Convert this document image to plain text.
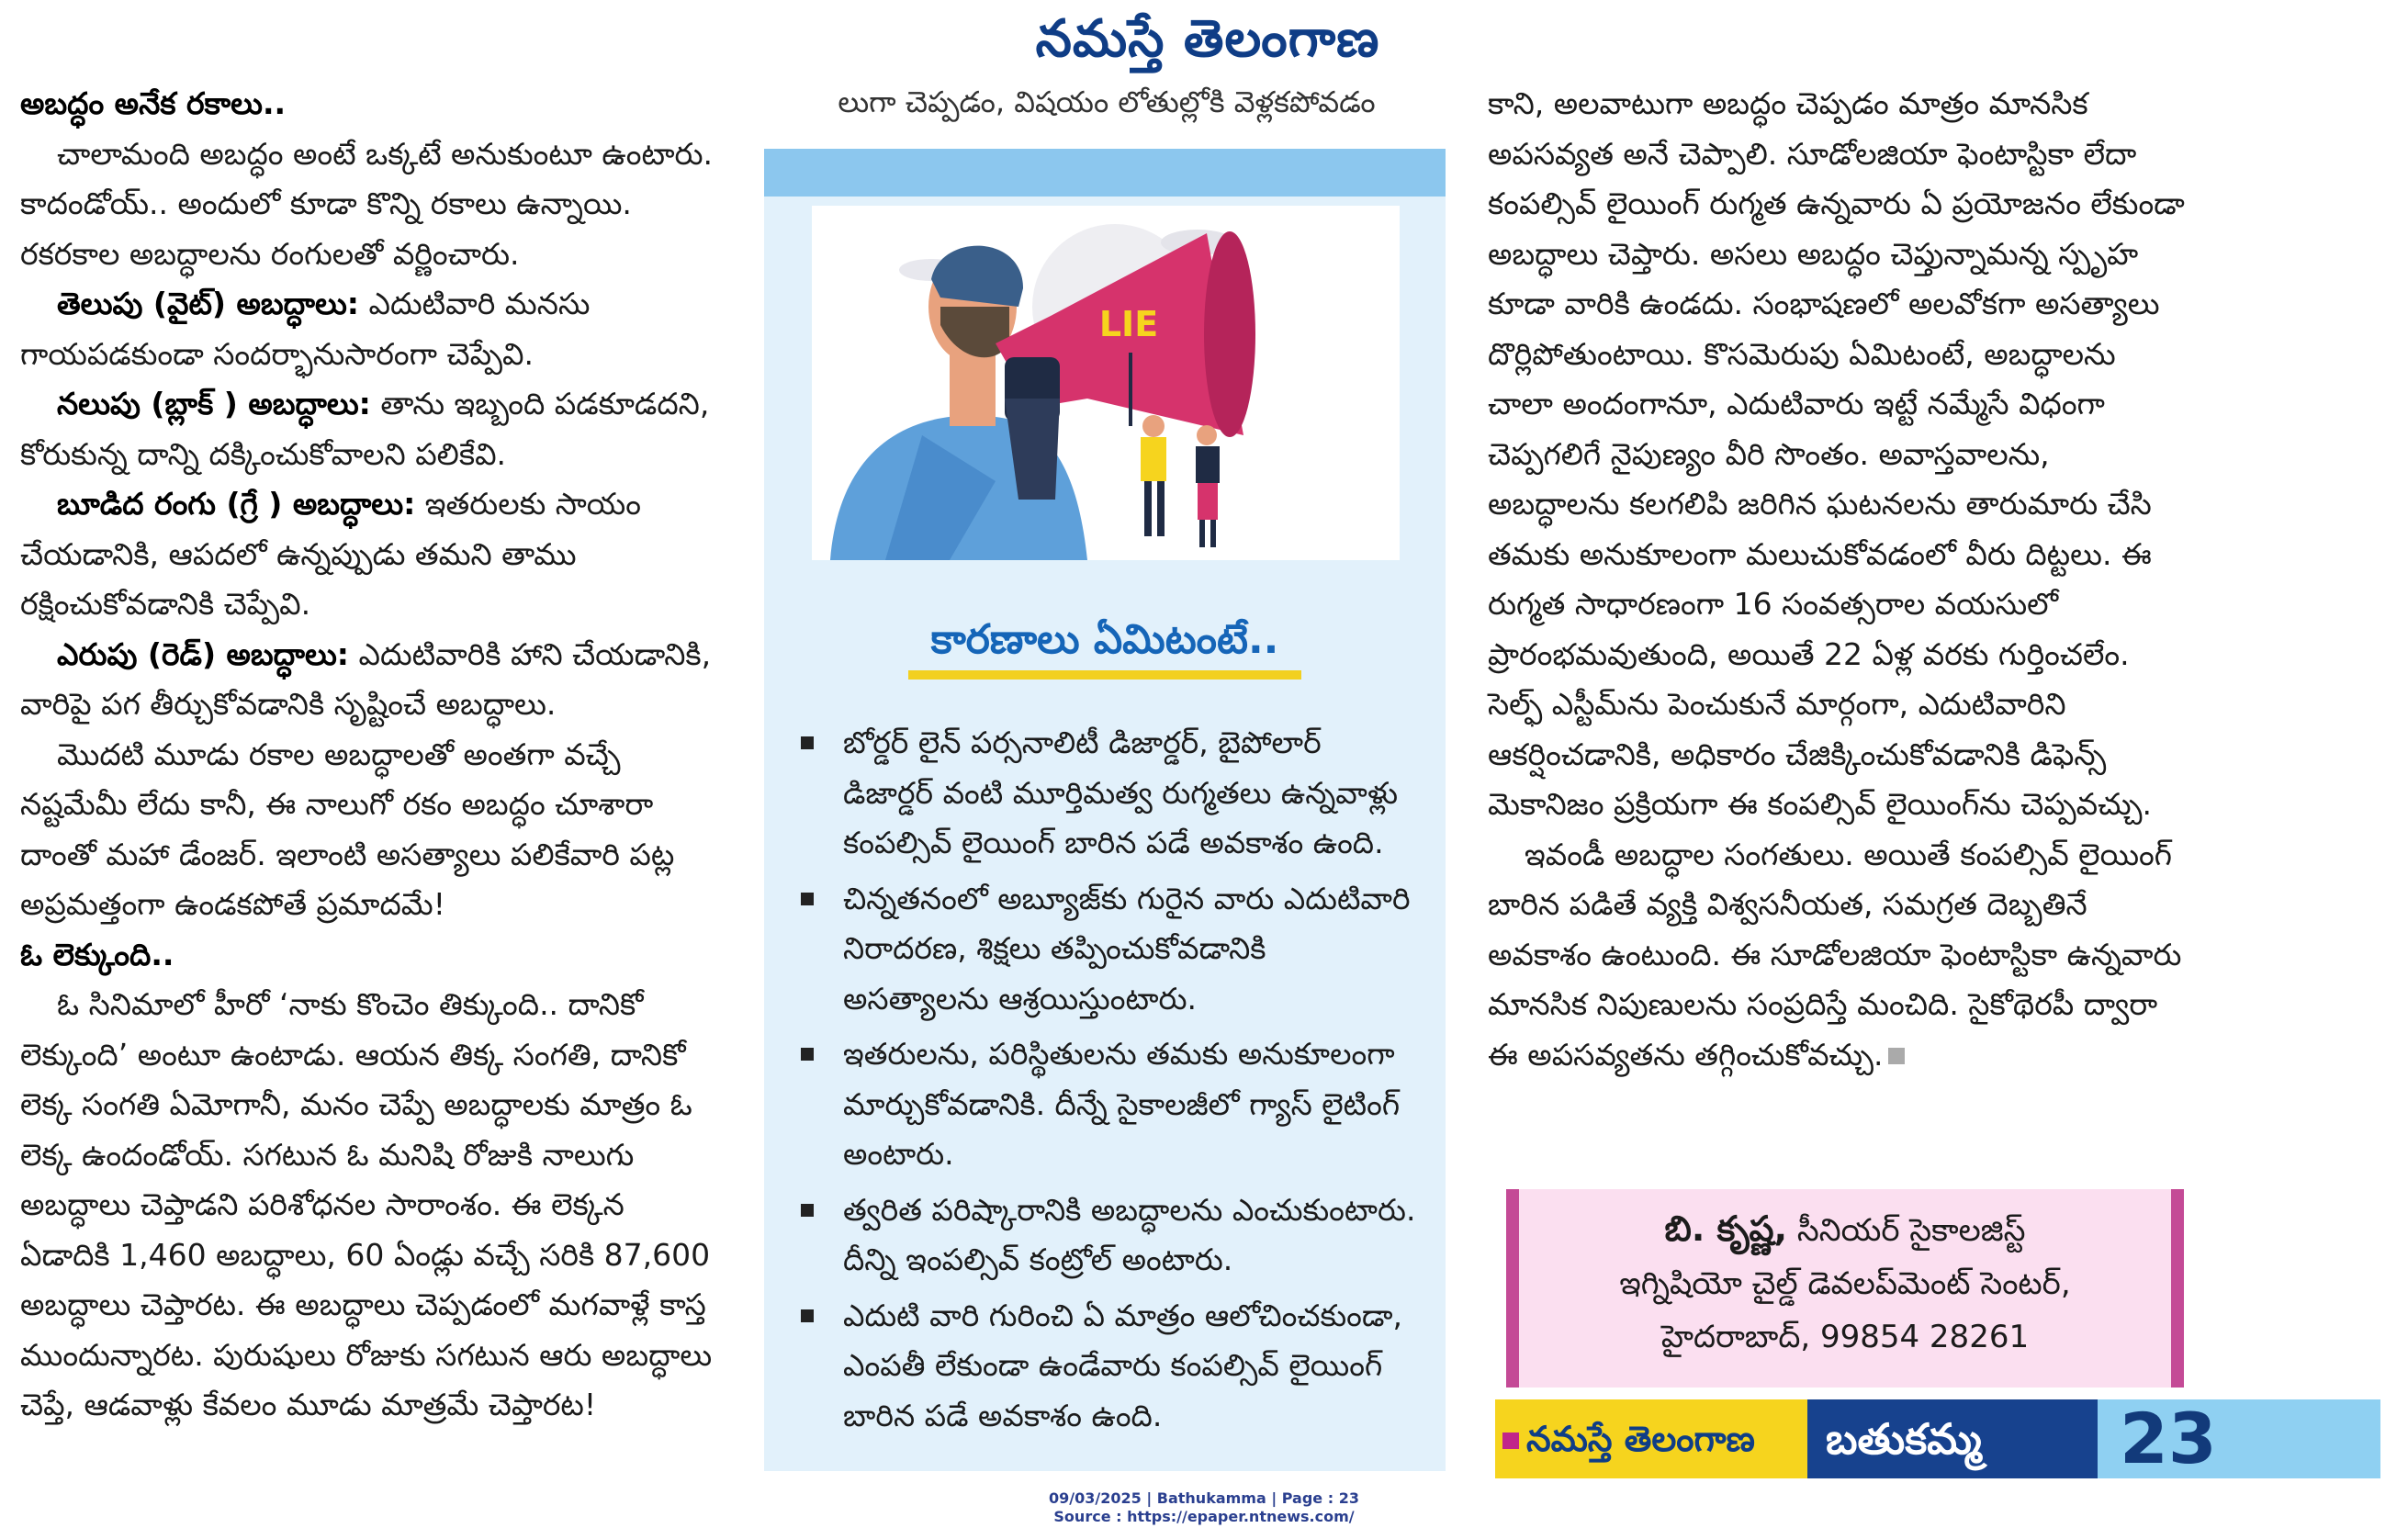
నమస్తే తెలంగాణ

అబద్ధం అనేక రకాలు..

చాలామంది అబద్ధం అంటే ఒక్కటే అనుకుంటూ ఉంటారు. కాదండోయ్.. అందులో కూడా కొన్ని రకాలు ఉన్నాయి. రకరకాల అబద్ధాలను రంగులతో వర్ణించారు.

తెలుపు (వైట్) అబద్ధాలు: ఎదుటివారి మనసు గాయపడకుండా సందర్భానుసారంగా చెప్పేవి.

నలుపు (బ్లాక్ ) అబద్ధాలు: తాను ఇబ్బంది పడకూడదని, కోరుకున్న దాన్ని దక్కించుకోవాలని పలికేవి.

బూడిద రంగు (గ్రే ) అబద్ధాలు: ఇతరులకు సాయం చేయడానికి, ఆపదలో ఉన్నప్పుడు తమని తాము రక్షించుకోవడానికి చెప్పేవి.

ఎరుపు (రెడ్) అబద్ధాలు: ఎదుటివారికి హాని చేయడానికి, వారిపై పగ తీర్చుకోవడానికి సృష్టించే అబద్ధాలు.

మొదటి మూడు రకాల అబద్ధాలతో అంతగా వచ్చే నష్టమేమీ లేదు కానీ, ఈ నాలుగో రకం అబద్ధం చూశారా దాంతో మహా డేంజర్. ఇలాంటి అసత్యాలు పలికేవారి పట్ల అప్రమత్తంగా ఉండకపోతే ప్రమాదమే!

ఓ లెక్కుంది..

ఓ సినిమాలో హీరో ‘నాకు కొంచెం తిక్కుంది.. దానికో లెక్కుంది’ అంటూ ఉంటాడు. ఆయన తిక్క సంగతి, దానికో లెక్క సంగతి ఏమోగానీ, మనం చెప్పే అబద్ధాలకు మాత్రం ఓ లెక్క ఉందండోయ్. సగటున ఓ మనిషి రోజుకి నాలుగు అబద్ధాలు చెప్తాడని పరిశోధనల సారాంశం. ఈ లెక్కన ఏడాదికి 1,460 అబద్ధాలు, 60 ఏండ్లు వచ్చే సరికి 87,600 అబద్ధాలు చెప్తారట. ఈ అబద్ధాలు చెప్పడంలో మగవాళ్లే కాస్త ముందున్నారట. పురుషులు రోజుకు సగటున ఆరు అబద్ధాలు చెప్తే, ఆడవాళ్లు కేవలం మూడు మాత్రమే చెప్తారట!

లుగా చెప్పడం, విషయం లోతుల్లోకి వెళ్లకపోవడం
LIE
కారణాలు ఏమిటంటే..
బోర్డర్ లైన్ పర్సనాలిటీ డిజార్డర్, బైపోలార్ డిజార్డర్ వంటి మూర్తిమత్వ రుగ్మతలు ఉన్నవాళ్లు కంపల్సివ్ లైయింగ్ బారిన పడే అవకాశం ఉంది.
చిన్నతనంలో అబ్యూజ్‌కు గురైన వారు ఎదుటివారి నిరాదరణ, శిక్షలు తప్పించుకోవడానికి అసత్యాలను ఆశ్రయిస్తుంటారు.
ఇతరులను, పరిస్థితులను తమకు అనుకూలంగా మార్చుకోవడానికి. దీన్నే సైకాలజీలో గ్యాస్ లైటింగ్ అంటారు.
త్వరిత పరిష్కారానికి అబద్ధాలను ఎంచుకుంటారు. దీన్ని ఇంపల్సివ్ కంట్రోల్ అంటారు.
ఎదుటి వారి గురించి ఏ మాత్రం ఆలోచించకుండా, ఎంపతీ లేకుండా ఉండేవారు కంపల్సివ్ లైయింగ్ బారిన పడే అవకాశం ఉంది.

కాని, అలవాటుగా అబద్ధం చెప్పడం మాత్రం మానసిక అపసవ్యత అనే చెప్పాలి. సూడోలజియా ఫెంటాస్టికా లేదా కంపల్సివ్ లైయింగ్ రుగ్మత ఉన్నవారు ఏ ప్రయోజనం లేకుండా అబద్ధాలు చెప్తారు. అసలు అబద్ధం చెప్తున్నామన్న స్పృహ కూడా వారికి ఉండదు. సంభాషణలో అలవోకగా అసత్యాలు దొర్లిపోతుంటాయి. కొసమెరుపు ఏమిటంటే, అబద్ధాలను చాలా అందంగానూ, ఎదుటివారు ఇట్టే నమ్మేసే విధంగా చెప్పగలిగే నైపుణ్యం వీరి సొంతం. అవాస్తవాలను, అబద్ధాలను కలగలిపి జరిగిన ఘటనలను తారుమారు చేసి తమకు అనుకూలంగా మలుచుకోవడంలో వీరు దిట్టలు. ఈ రుగ్మత సాధారణంగా 16 సంవత్సరాల వయసులో ప్రారంభమవుతుంది, అయితే 22 ఏళ్ల వరకు గుర్తించలేం. సెల్ఫ్ ఎస్టీమ్‌ను పెంచుకునే మార్గంగా, ఎదుటివారిని ఆకర్షించడానికి, అధికారం చేజిక్కించుకోవడానికి డిఫెన్స్ మెకానిజం ప్రక్రియగా ఈ కంపల్సివ్ లైయింగ్‌ను చెప్పవచ్చు.

ఇవండీ అబద్ధాల సంగతులు. అయితే కంపల్సివ్ లైయింగ్ బారిన పడితే వ్యక్తి విశ్వసనీయత, సమగ్రత దెబ్బతినే అవకాశం ఉంటుంది. ఈ సూడోలజియా ఫెంటాస్టికా ఉన్నవారు మానసిక నిపుణులను సంప్రదిస్తే మంచిది. సైకోథెరపీ ద్వారా ఈ అపసవ్యతను తగ్గించుకోవచ్చు.

బి. కృష్ణ, సీనియర్ సైకాలజిస్ట్
ఇగ్నిషియో చైల్డ్ డెవలప్‌మెంట్ సెంటర్,
హైదరాబాద్, 99854 28261
నమస్తే తెలంగాణ బతుకమ్మ 23
09/03/2025 | Bathukamma | Page : 23
Source : https://epaper.ntnews.com/
